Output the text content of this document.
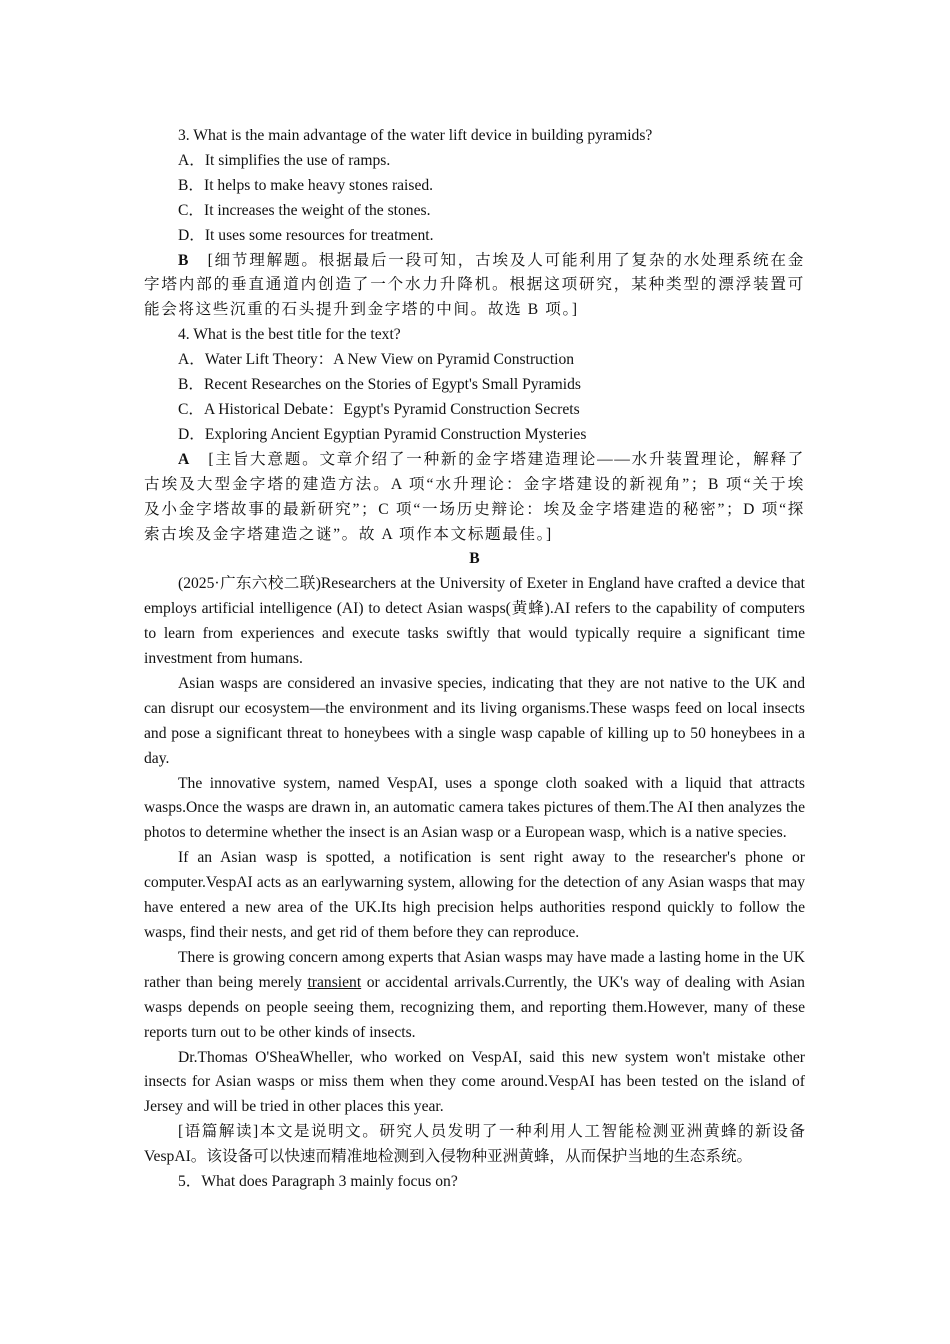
3. What is the main advantage of the water lift device in building pyramids?
A．It simplifies the use of ramps.
B．It helps to make heavy stones raised.
C．It increases the weight of the stones.
D．It uses some resources for treatment.
B　 [细节理解题。根据最后一段可知，古埃及人可能利用了复杂的水处理系统在金字塔内部的垂直通道内创造了一个水力升降机。根据这项研究，某种类型的漂浮装置可能会将这些沉重的石头提升到金字塔的中间。故选 B 项。]
4. What is the best title for the text?
A．Water Lift Theory：A New View on Pyramid Construction
B．Recent Researches on the Stories of Egypt's Small Pyramids
C．A Historical Debate：Egypt's Pyramid Construction Secrets
D．Exploring Ancient Egyptian Pyramid Construction Mysteries
A　 [主旨大意题。文章介绍了一种新的金字塔建造理论——水升装置理论，解释了古埃及大型金字塔的建造方法。A 项“水升理论：金字塔建设的新视角”；B 项“关于埃及小金字塔故事的最新研究”；C 项“一场历史辩论：埃及金字塔建造的秘密”；D 项“探索古埃及金字塔建造之谜”。故 A 项作本文标题最佳。]
B
(2025·广东六校二联)Researchers at the University of Exeter in England have crafted a device that employs artificial intelligence (AI) to detect Asian wasps(黄蜂).AI refers to the capability of computers to learn from experiences and execute tasks swiftly that would typically require a significant time investment from humans.
Asian wasps are considered an invasive species, indicating that they are not native to the UK and can disrupt our ecosystem—the environment and its living organisms.These wasps feed on local insects and pose a significant threat to honeybees with a single wasp capable of killing up to 50 honeybees in a day.
The innovative system, named VespAI, uses a sponge cloth soaked with a liquid that attracts wasps.Once the wasps are drawn in, an automatic camera takes pictures of them.The AI then analyzes the photos to determine whether the insect is an Asian wasp or a European wasp, which is a native species.
If an Asian wasp is spotted, a notification is sent right away to the researcher's phone or computer.VespAI acts as an earlywarning system, allowing for the detection of any Asian wasps that may have entered a new area of the UK.Its high precision helps authorities respond quickly to follow the wasps, find their nests, and get rid of them before they can reproduce.
There is growing concern among experts that Asian wasps may have made a lasting home in the UK rather than being merely transient or accidental arrivals.Currently, the UK's way of dealing with Asian wasps depends on people seeing them, recognizing them, and reporting them.However, many of these reports turn out to be other kinds of insects.
Dr.Thomas O'SheaWheller, who worked on VespAI, said this new system won't mistake other insects for Asian wasps or miss them when they come around.VespAI has been tested on the island of Jersey and will be tried in other places this year.
[语篇解读]本文是说明文。研究人员发明了一种利用人工智能检测亚洲黄蜂的新设备VespAI。该设备可以快速而精准地检测到入侵物种亚洲黄蜂，从而保护当地的生态系统。
5．What does Paragraph 3 mainly focus on?
